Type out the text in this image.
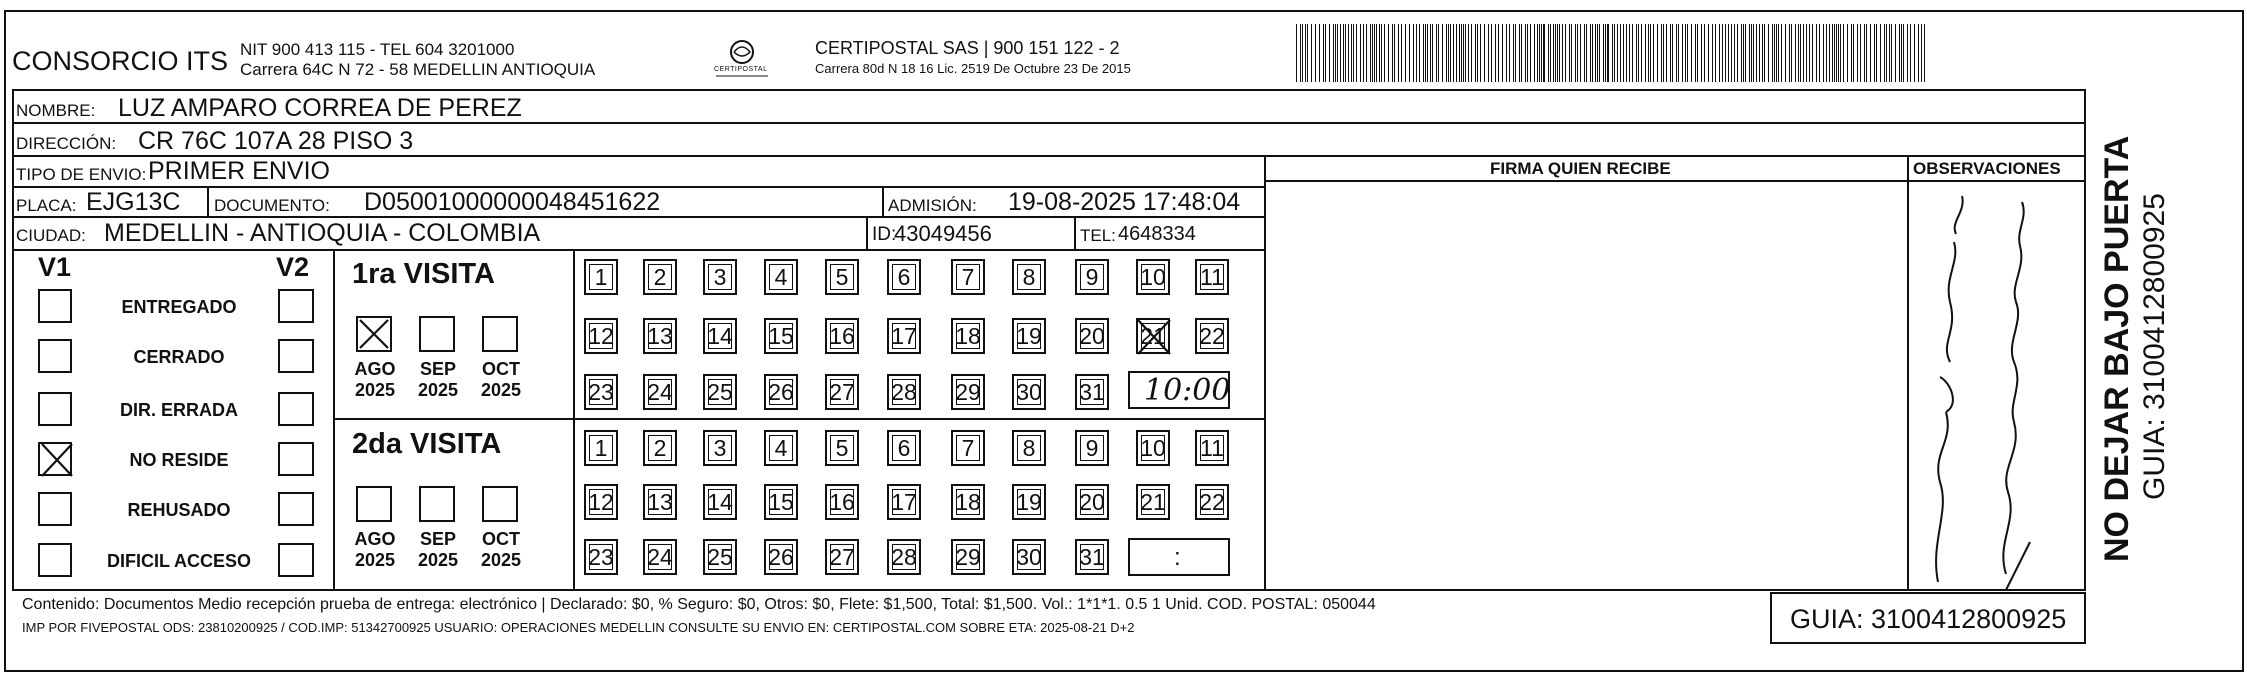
CONSORCIO ITS NIT 900 413 115 - TEL 604 3201000
Carrera 64C N 72 - 58 MEDELLIN ANTIOQUIA	CERTIPOSTAL
CERTIPOSTAL SAS | 900 151 122 - 2
Carrera 80d N 18 16 Lic. 2519 De Octubre 23 De 2015
NOMBRE: LUZ AMPARO CORREA DE PEREZ
DIRECCIÓN: CR 76C 107A 28 PISO 3
TIPO DE ENVIO: PRIMER ENVIO
PLACA: EJG13C DOCUMENTO: D05001000000048451622	ADMISIÓN: 19-08-2025 17:48:04
CIUDAD: MEDELLIN - ANTIOQUIA - COLOMBIA	ID:
43049456	TEL: 4648334
FIRMA QUIEN RECIBE	OBSERVACIONES
V1	V2
ENTREGADO
CERRADO
DIR. ERRADA
NO RESIDE
REHUSADO
DIFICIL ACCESO
1ra VISITA
2da VISITA
AGO
2025
SEP
2025
OCT
2025
AGO
2025
SEP
2025
OCT
2025
1	2	3	4	5	6	7	8	9	10 11
12 13 14 15 16 17 18 19 20 21 22
23 24 25 26 27 28 29 30 31
1	2	3	4	5	6	7	8	9	10 11
12 13 14 15 16 17 18 19 20 21 22
23 24 25 26 27 28 29 30 31
10:00
:
Contenido: Documentos Medio recepción prueba de entrega: electrónico | Declarado: $0, % Seguro: $0, Otros: $0, Flete: $1,500, Total: $1,500. Vol.: 1*1*1. 0.5 1 Unid. COD. POSTAL: 050044
IMP POR FIVEPOSTAL ODS: 23810200925 / COD.IMP: 51342700925 USUARIO: OPERACIONES MEDELLIN CONSULTE SU ENVIO EN: CERTIPOSTAL.COM SOBRE ETA: 2025-08-21 D+2	GUIA: 3100412800925
NO DEJAR BAJO PUERTA GUIA: 3100412800925
